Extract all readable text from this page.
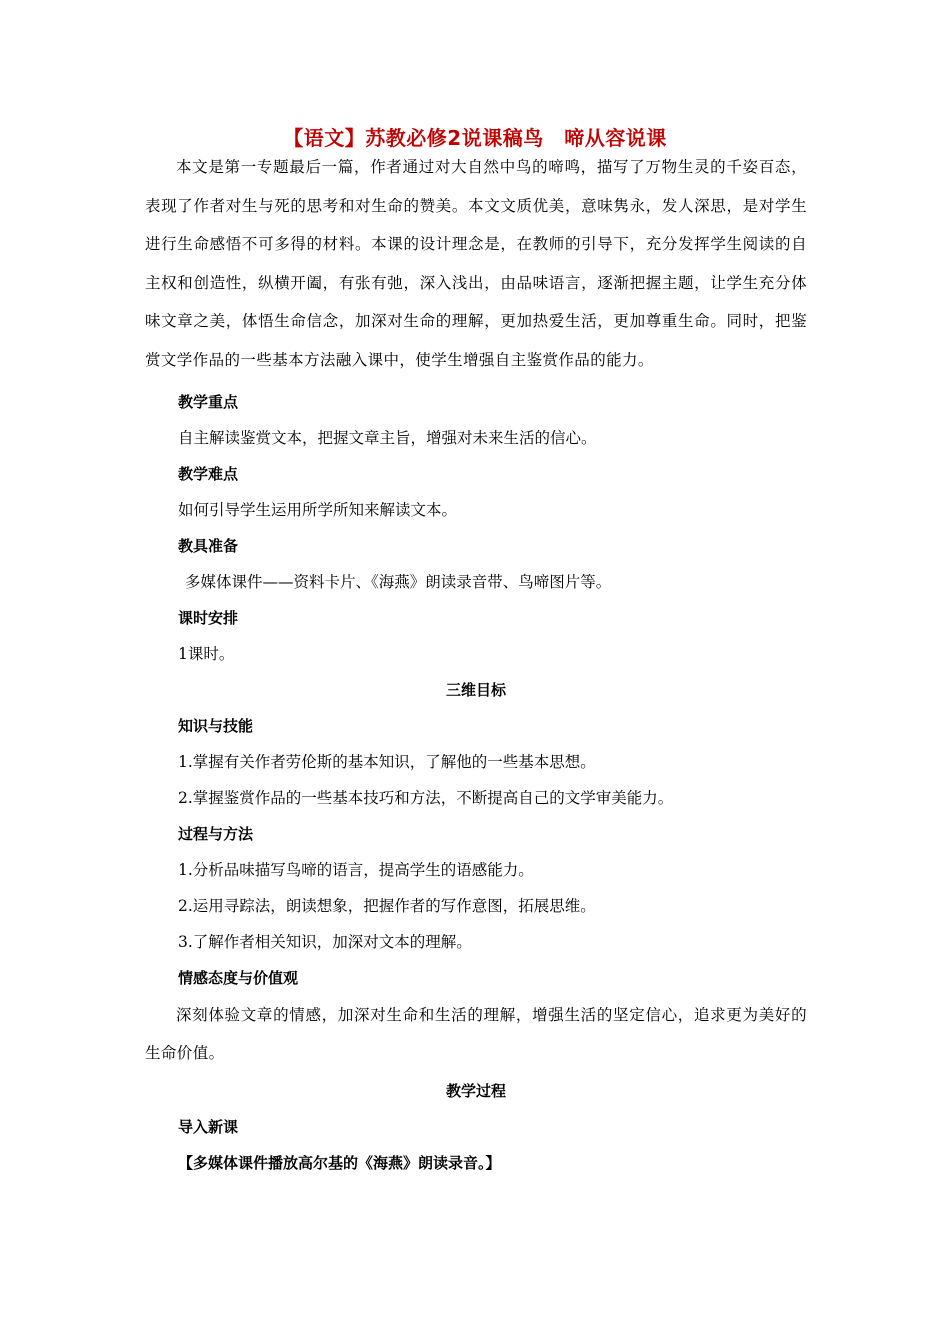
【语文】苏教必修2说课稿鸟　啼从容说课

本文是第一专题最后一篇，作者通过对大自然中鸟的啼鸣，描写了万物生灵的千姿百态，表现了作者对生与死的思考和对生命的赞美。本文文质优美，意味隽永，发人深思，是对学生进行生命感悟不可多得的材料。本课的设计理念是，在教师的引导下，充分发挥学生阅读的自主权和创造性，纵横开阖，有张有弛，深入浅出，由品味语言，逐渐把握主题，让学生充分体味文章之美，体悟生命信念，加深对生命的理解，更加热爱生活，更加尊重生命。同时，把鉴赏文学作品的一些基本方法融入课中，使学生增强自主鉴赏作品的能力。

教学重点

自主解读鉴赏文本，把握文章主旨，增强对未来生活的信心。

教学难点

如何引导学生运用所学所知来解读文本。

教具准备

多媒体课件——资料卡片、《海燕》朗读录音带、鸟啼图片等。

课时安排

1课时。

三维目标

知识与技能

1.掌握有关作者劳伦斯的基本知识，了解他的一些基本思想。

2.掌握鉴赏作品的一些基本技巧和方法，不断提高自己的文学审美能力。

过程与方法

1.分析品味描写鸟啼的语言，提高学生的语感能力。

2.运用寻踪法，朗读想象，把握作者的写作意图，拓展思维。

3.了解作者相关知识，加深对文本的理解。

情感态度与价值观

深刻体验文章的情感，加深对生命和生活的理解，增强生活的坚定信心，追求更为美好的生命价值。

教学过程

导入新课

【多媒体课件播放高尔基的《海燕》朗读录音。】
